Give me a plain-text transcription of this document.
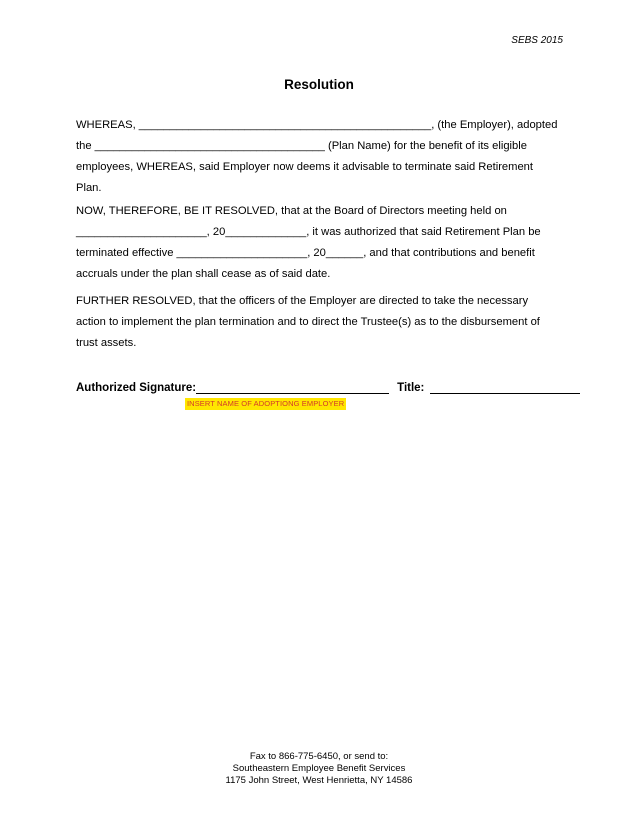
SEBS 2015
Resolution
WHEREAS, _______________________________________________, (the Employer), adopted
the _____________________________________ (Plan Name) for the benefit of its eligible
employees, WHEREAS, said Employer now deems it advisable to terminate said Retirement
Plan.
NOW, THEREFORE, BE IT RESOLVED, that at the Board of Directors meeting held on
_____________________, 20_____________, it was authorized that said Retirement Plan be
terminated effective _____________________, 20______, and that contributions and benefit
accruals under the plan shall cease as of said date.
FURTHER RESOLVED, that the officers of the Employer are directed to take the necessary
action to implement the plan termination and to direct the Trustee(s) as to the disbursement of
trust assets.
Authorized Signature:	Title:
INSERT NAME OF ADOPTIONG EMPLOYER
Fax to 866-775-6450, or send to:
Southeastern Employee Benefit Services
1175 John Street, West Henrietta, NY 14586
